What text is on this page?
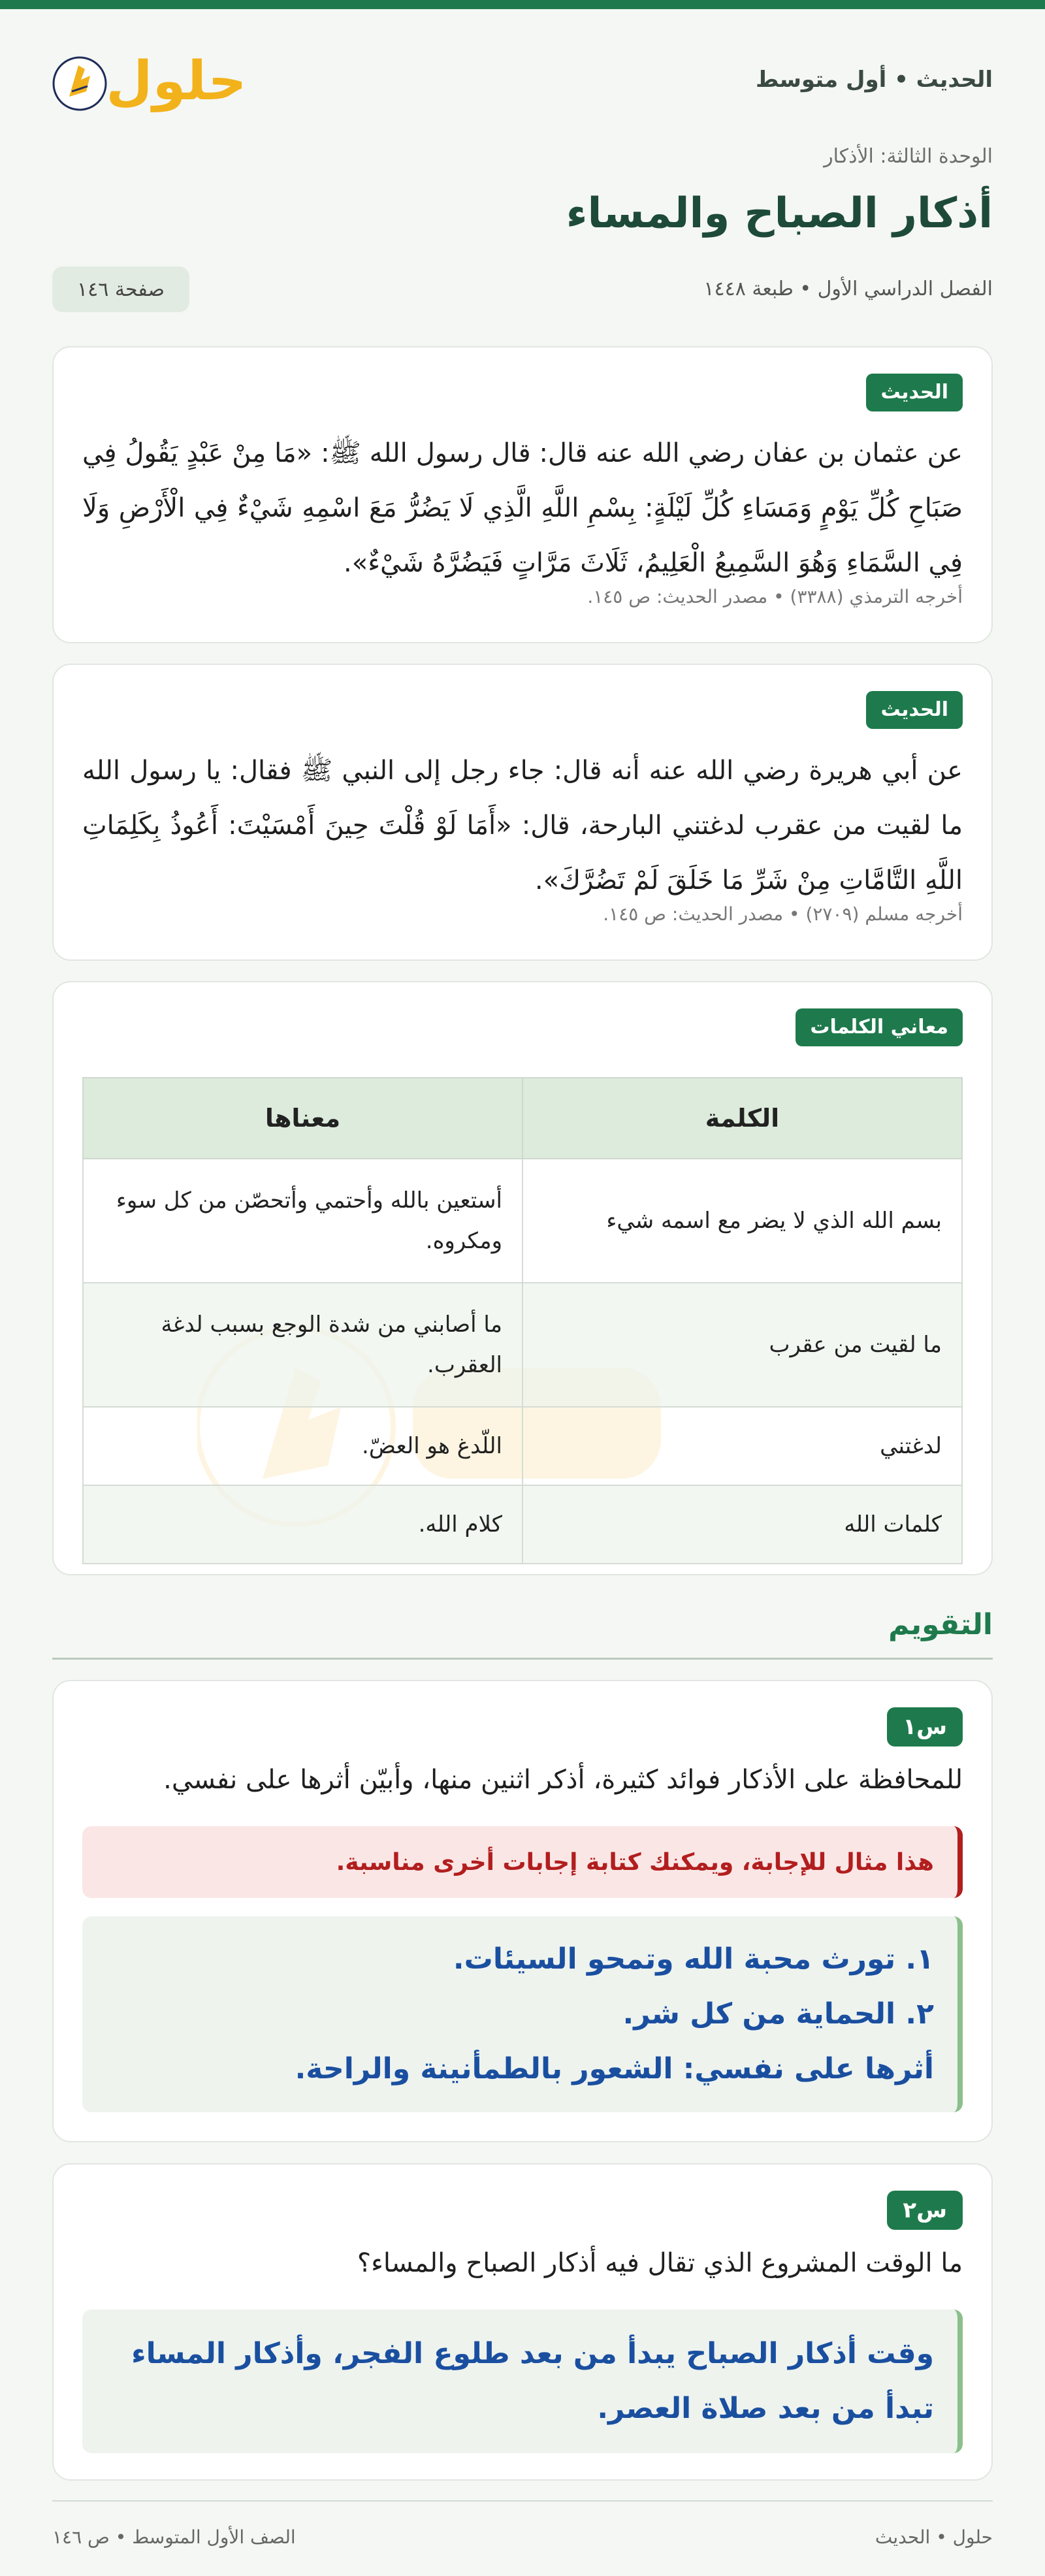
الحديث • أول متوسط
حلول
الوحدة الثالثة: الأذكار
أذكار الصباح والمساء
الفصل الدراسي الأول • طبعة ١٤٤٨
صفحة ١٤٦
الحديث

عن عثمان بن عفان رضي الله عنه قال: قال رسول الله ﷺ: «مَا مِنْ عَبْدٍ يَقُولُ فِي صَبَاحِ كُلِّ يَوْمٍ وَمَسَاءِ كُلِّ لَيْلَةٍ: بِسْمِ اللَّهِ الَّذِي لَا يَضُرُّ مَعَ اسْمِهِ شَيْءٌ فِي الْأَرْضِ وَلَا فِي السَّمَاءِ وَهُوَ السَّمِيعُ الْعَلِيمُ، ثَلَاثَ مَرَّاتٍ فَيَضُرَّهُ شَيْءٌ».

أخرجه الترمذي (٣٣٨٨) • مصدر الحديث: ص ١٤٥.
الحديث

عن أبي هريرة رضي الله عنه أنه قال: جاء رجل إلى النبي ﷺ فقال: يا رسول الله ما لقيت من عقرب لدغتني البارحة، قال: «أَمَا لَوْ قُلْتَ حِينَ أَمْسَيْتَ: أَعُوذُ بِكَلِمَاتِ اللَّهِ التَّامَّاتِ مِنْ شَرِّ مَا خَلَقَ لَمْ تَضُرَّكَ».

أخرجه مسلم (٢٧٠٩) • مصدر الحديث: ص ١٤٥.
معاني الكلمات
الكلمة	معناها
بسم الله الذي لا يضر مع اسمه شيء	أستعين بالله وأحتمي وأتحصّن من كل سوء ومكروه.
ما لقيت من عقرب	ما أصابني من شدة الوجع بسبب لدغة العقرب.
لدغتني	اللّدغ هو العضّ.
كلمات الله	كلام الله.
التقويم
س١

للمحافظة على الأذكار فوائد كثيرة، أذكر اثنين منها، وأبيّن أثرها على نفسي.

هذا مثال للإجابة، ويمكنك كتابة إجابات أخرى مناسبة.

١. تورث محبة الله وتمحو السيئات.

٢. الحماية من كل شر.

أثرها على نفسي: الشعور بالطمأنينة والراحة.

س٢

ما الوقت المشروع الذي تقال فيه أذكار الصباح والمساء؟

وقت أذكار الصباح يبدأ من بعد طلوع الفجر، وأذكار المساء تبدأ من بعد صلاة العصر.

حلول • الحديث
الصف الأول المتوسط • ص ١٤٦
